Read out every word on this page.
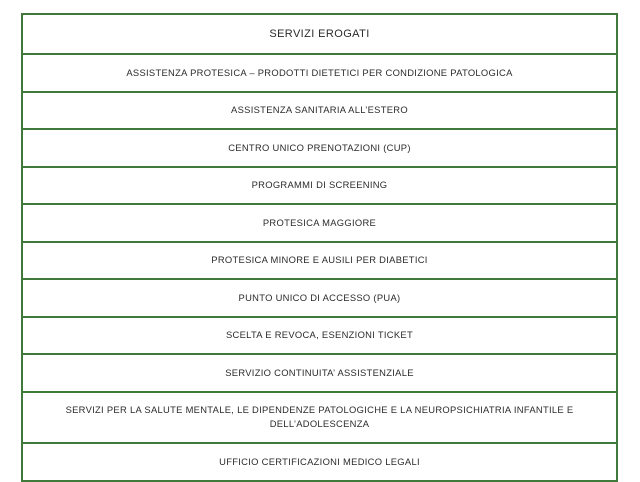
SERVIZI EROGATI
ASSISTENZA PROTESICA – PRODOTTI DIETETICI PER CONDIZIONE PATOLOGICA
ASSISTENZA SANITARIA ALL’ESTERO
CENTRO UNICO PRENOTAZIONI (CUP)
PROGRAMMI DI SCREENING
PROTESICA MAGGIORE
PROTESICA MINORE E AUSILI PER DIABETICI
PUNTO UNICO DI ACCESSO (PUA)
SCELTA E REVOCA, ESENZIONI TICKET
SERVIZIO CONTINUITA’ ASSISTENZIALE
SERVIZI PER LA SALUTE MENTALE, LE DIPENDENZE PATOLOGICHE E LA NEUROPSICHIATRIA INFANTILE E DELL’ADOLESCENZA
UFFICIO CERTIFICAZIONI MEDICO LEGALI
